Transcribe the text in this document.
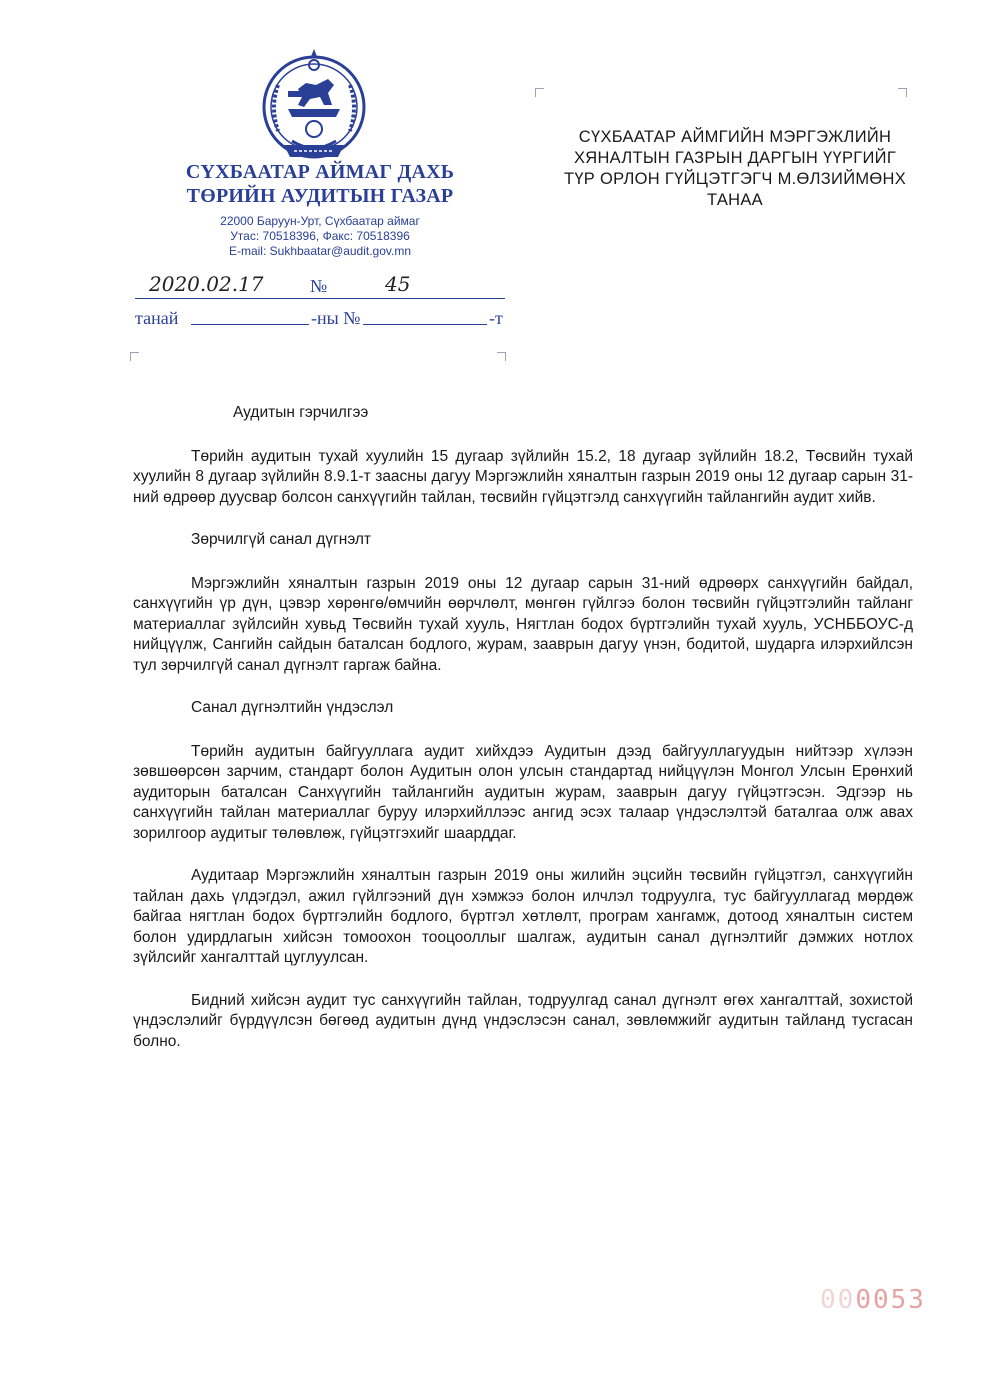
СҮХБААТАР АЙМАГ ДАХЬ
ТӨРИЙН АУДИТЫН ГАЗАР
22000 Баруун-Урт, Сүхбаатар аймаг
Утас: 70518396, Факс: 70518396
E-mail: Sukhbaatar@audit.gov.mn
2020.02.17	№	45
танай	-ны №	-т
СҮХБААТАР АЙМГИЙН МЭРГЭЖЛИЙН
ХЯНАЛТЫН ГАЗРЫН ДАРГЫН ҮҮРГИЙГ
ТҮР ОРЛОН ГҮЙЦЭТГЭГЧ М.ӨЛЗИЙМӨНХ
ТАНАА
Аудитын гэрчилгээ

Төрийн аудитын тухай хуулийн 15 дугаар зүйлийн 15.2, 18 дугаар зүйлийн 18.2, Төсвийн тухай хуулийн 8 дугаар зүйлийн 8.9.1-т заасны дагуу Мэргэжлийн хяналтын газрын 2019 оны 12 дугаар сарын 31-ний өдрөөр дуусвар болсон санхүүгийн тайлан, төсвийн гүйцэтгэлд санхүүгийн тайлангийн аудит хийв.

Зөрчилгүй санал дүгнэлт

Мэргэжлийн хяналтын газрын 2019 оны 12 дугаар сарын 31-ний өдрөөрх санхүүгийн байдал, санхүүгийн үр дүн, цэвэр хөрөнгө/өмчийн өөрчлөлт, мөнгөн гүйлгээ болон төсвийн гүйцэтгэлийн тайланг материаллаг зүйлсийн хувьд Төсвийн тухай хууль, Нягтлан бодох бүртгэлийн тухай хууль, УСНББОУС-д нийцүүлж, Сангийн сайдын баталсан бодлого, журам, зааврын дагуу үнэн, бодитой, шударга илэрхийлсэн тул зөрчилгүй санал дүгнэлт гаргаж байна.

Санал дүгнэлтийн үндэслэл

Төрийн аудитын байгууллага аудит хийхдээ Аудитын дээд байгууллагуудын нийтээр хүлээн зөвшөөрсөн зарчим, стандарт болон Аудитын олон улсын стандартад нийцүүлэн Монгол Улсын Ерөнхий аудиторын баталсан Санхүүгийн тайлангийн аудитын журам, зааврын дагуу гүйцэтгэсэн. Эдгээр нь санхүүгийн тайлан материаллаг буруу илэрхийллээс ангид эсэх талаар үндэслэлтэй баталгаа олж авах зорилгоор аудитыг төлөвлөж, гүйцэтгэхийг шаарддаг.

Аудитаар Мэргэжлийн хяналтын газрын 2019 оны жилийн эцсийн төсвийн гүйцэтгэл, санхүүгийн тайлан дахь үлдэгдэл, ажил гүйлгээний дүн хэмжээ болон илчлэл тодруулга, тус байгууллагад мөрдөж байгаа нягтлан бодох бүртгэлийн бодлого, бүртгэл хөтлөлт, програм хангамж, дотоод хяналтын систем болон удирдлагын хийсэн томоохон тооцооллыг шалгаж, аудитын санал дүгнэлтийг дэмжих нотлох зүйлсийг хангалттай цуглуулсан.

Бидний хийсэн аудит тус санхүүгийн тайлан, тодруулгад санал дүгнэлт өгөх хангалттай, зохистой үндэслэлийг бүрдүүлсэн бөгөөд аудитын дүнд үндэслэсэн санал, зөвлөмжийг аудитын тайланд тусгасан болно.

000053
